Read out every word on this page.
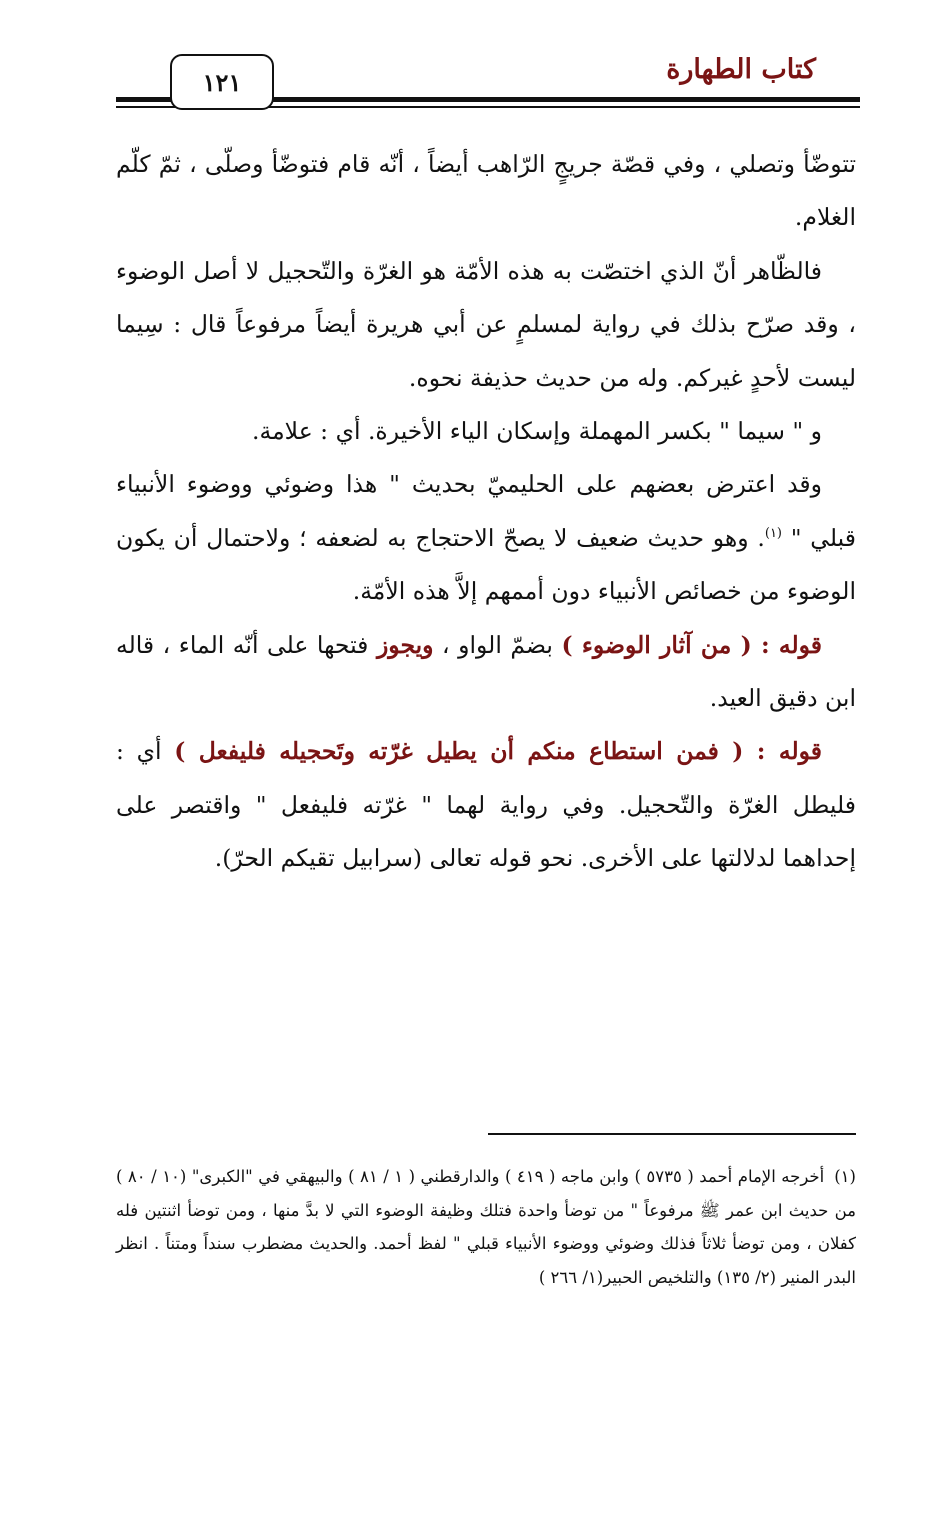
كتاب الطهارة
١٢١

تتوضّأ وتصلي ، وفي قصّة جريجٍ الرّاهب أيضاً ، أنّه قام فتوضّأ وصلّى ، ثمّ كلّم الغلام.

فالظّاهر أنّ الذي اختصّت به هذه الأمّة هو الغرّة والتّحجيل لا أصل الوضوء ، وقد صرّح بذلك في رواية لمسلمٍ عن أبي هريرة أيضاً مرفوعاً قال : سِيما ليست لأحدٍ غيركم. وله من حديث حذيفة نحوه.

و " سيما " بكسر المهملة وإسكان الياء الأخيرة. أي : علامة.

وقد اعترض بعضهم على الحليميّ بحديث " هذا وضوئي ووضوء الأنبياء قبلي " $^{(١)}$. وهو حديث ضعيف لا يصحّ الاحتجاج به لضعفه ؛ ولاحتمال أن يكون الوضوء من خصائص الأنبياء دون أممهم إلاَّ هذه الأمّة.

قوله : ( من آثار الوضوء ) بضمّ الواو ، ويجوز فتحها على أنّه الماء ، قاله ابن دقيق العيد.

قوله : ( فمن استطاع منكم أن يطيل غرّته وتَحجيله فليفعل ) أي : فليطل الغرّة والتّحجيل. وفي رواية لهما " غرّته فليفعل " واقتصر على إحداهما لدلالتها على الأخرى. نحو قوله تعالى (سرابيل تقيكم الحرّ).

(١)أخرجه الإمام أحمد ( ٥٧٣٥ ) وابن ماجه ( ٤١٩ ) والدارقطني ( ١ / ٨١ ) والبيهقي في "الكبرى" (١٠ / ٨٠ ) من حديث ابن عمر ﷺ مرفوعاً " من توضأ واحدة فتلك وظيفة الوضوء التي لا بدَّ منها ، ومن توضأ اثنتين فله كفلان ، ومن توضأ ثلاثاً فذلك وضوئي ووضوء الأنبياء قبلي " لفظ أحمد. والحديث مضطرب سنداً ومتناً . انظر البدر المنير (٢/ ١٣٥) والتلخيص الحبير(١/ ٢٦٦ )
